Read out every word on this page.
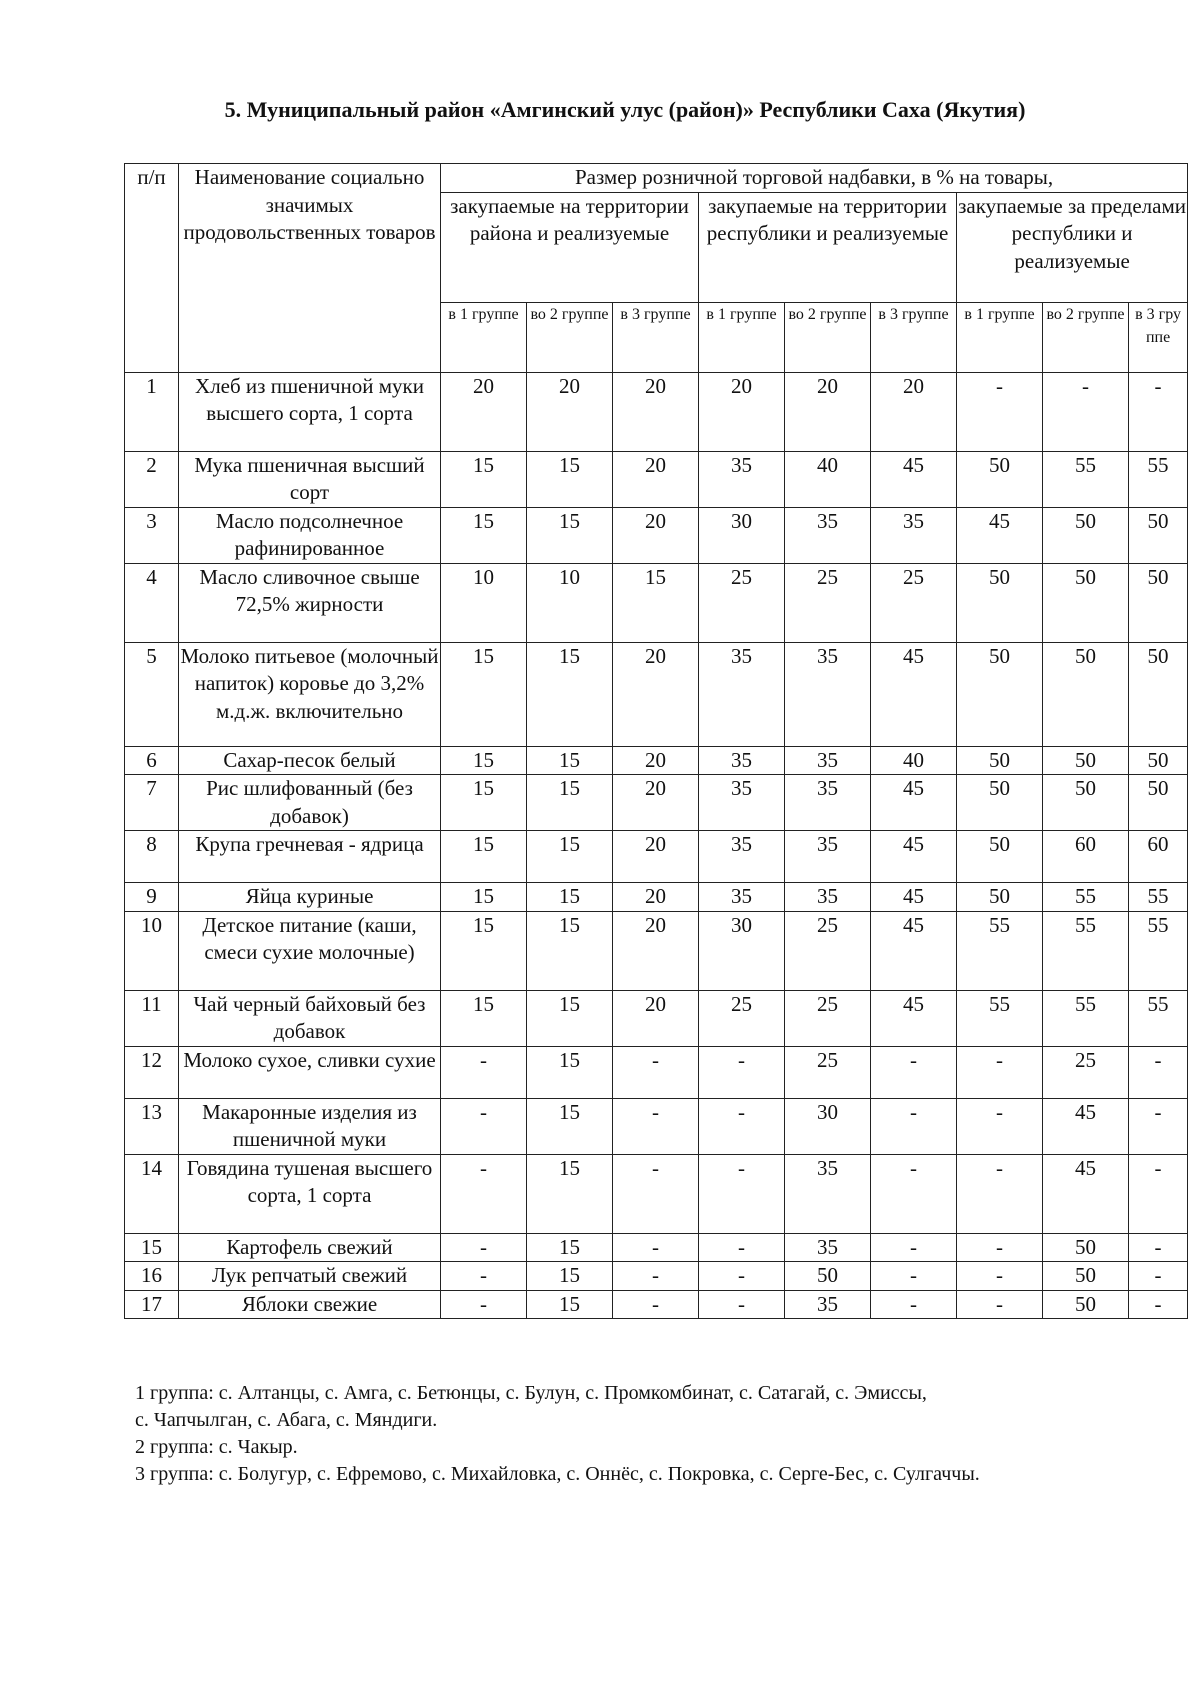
5. Муниципальный район «Амгинский улус (район)» Республики Саха (Якутия)
п/п	Наименование социально значимых продовольственных товаров	Размер розничной торговой надбавки, в % на товары,								
		закупаемые на территории района и реализуемые			закупаемые на территории республики и реализуемые			закупаемые за пределами республики и реализуемые		
		в 1 группе	во 2 группе	в 3 группе	в 1 группе	во 2 группе	в 3 группе	в 1 группе	во 2 группе	в 3 гру ппе
1	Хлеб из пшеничной муки высшего сорта, 1 сорта	20	20	20	20	20	20	-	-	-
2	Мука пшеничная высший сорт	15	15	20	35	40	45	50	55	55
3	Масло подсолнечное рафинированное	15	15	20	30	35	35	45	50	50
4	Масло сливочное свыше 72,5% жирности	10	10	15	25	25	25	50	50	50
5	Молоко питьевое (молочный напиток) коровье до 3,2% м.д.ж. включительно	15	15	20	35	35	45	50	50	50
6	Сахар-песок белый	15	15	20	35	35	40	50	50	50
7	Рис шлифованный (без добавок)	15	15	20	35	35	45	50	50	50
8	Крупа гречневая - ядрица	15	15	20	35	35	45	50	60	60
9	Яйца куриные	15	15	20	35	35	45	50	55	55
10	Детское питание (каши, смеси сухие молочные)	15	15	20	30	25	45	55	55	55
11	Чай черный байховый без добавок	15	15	20	25	25	45	55	55	55
12	Молоко сухое, сливки сухие	-	15	-	-	25	-	-	25	-
13	Макаронные изделия из пшеничной муки	-	15	-	-	30	-	-	45	-
14	Говядина тушеная высшего сорта, 1 сорта	-	15	-	-	35	-	-	45	-
15	Картофель свежий	-	15	-	-	35	-	-	50	-
16	Лук репчатый свежий	-	15	-	-	50	-	-	50	-
17	Яблоки свежие	-	15	-	-	35	-	-	50	-
1 группа: с. Алтанцы, с. Амга, с. Бетюнцы, с. Булун, с. Промкомбинат, с. Сатагай, с. Эмиссы,
с. Чапчылган, с. Абага, с. Мяндиги.
2 группа: с. Чакыр.
3 группа: с. Болугур, с. Ефремово, с. Михайловка, с. Оннёс, с. Покровка, с. Серге-Бес, с. Сулгаччы.
